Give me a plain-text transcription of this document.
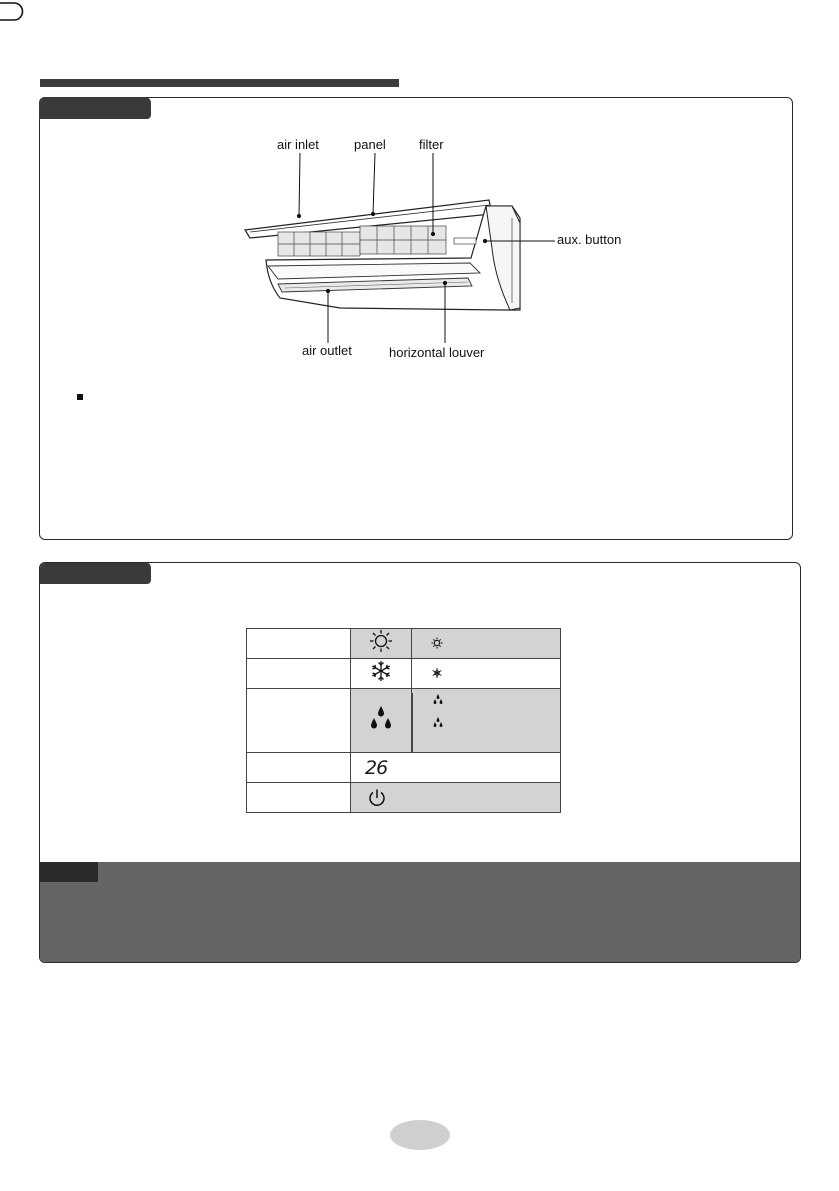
air inlet	panel	filter
aux. button
air outlet	horizontal louver

	26	
